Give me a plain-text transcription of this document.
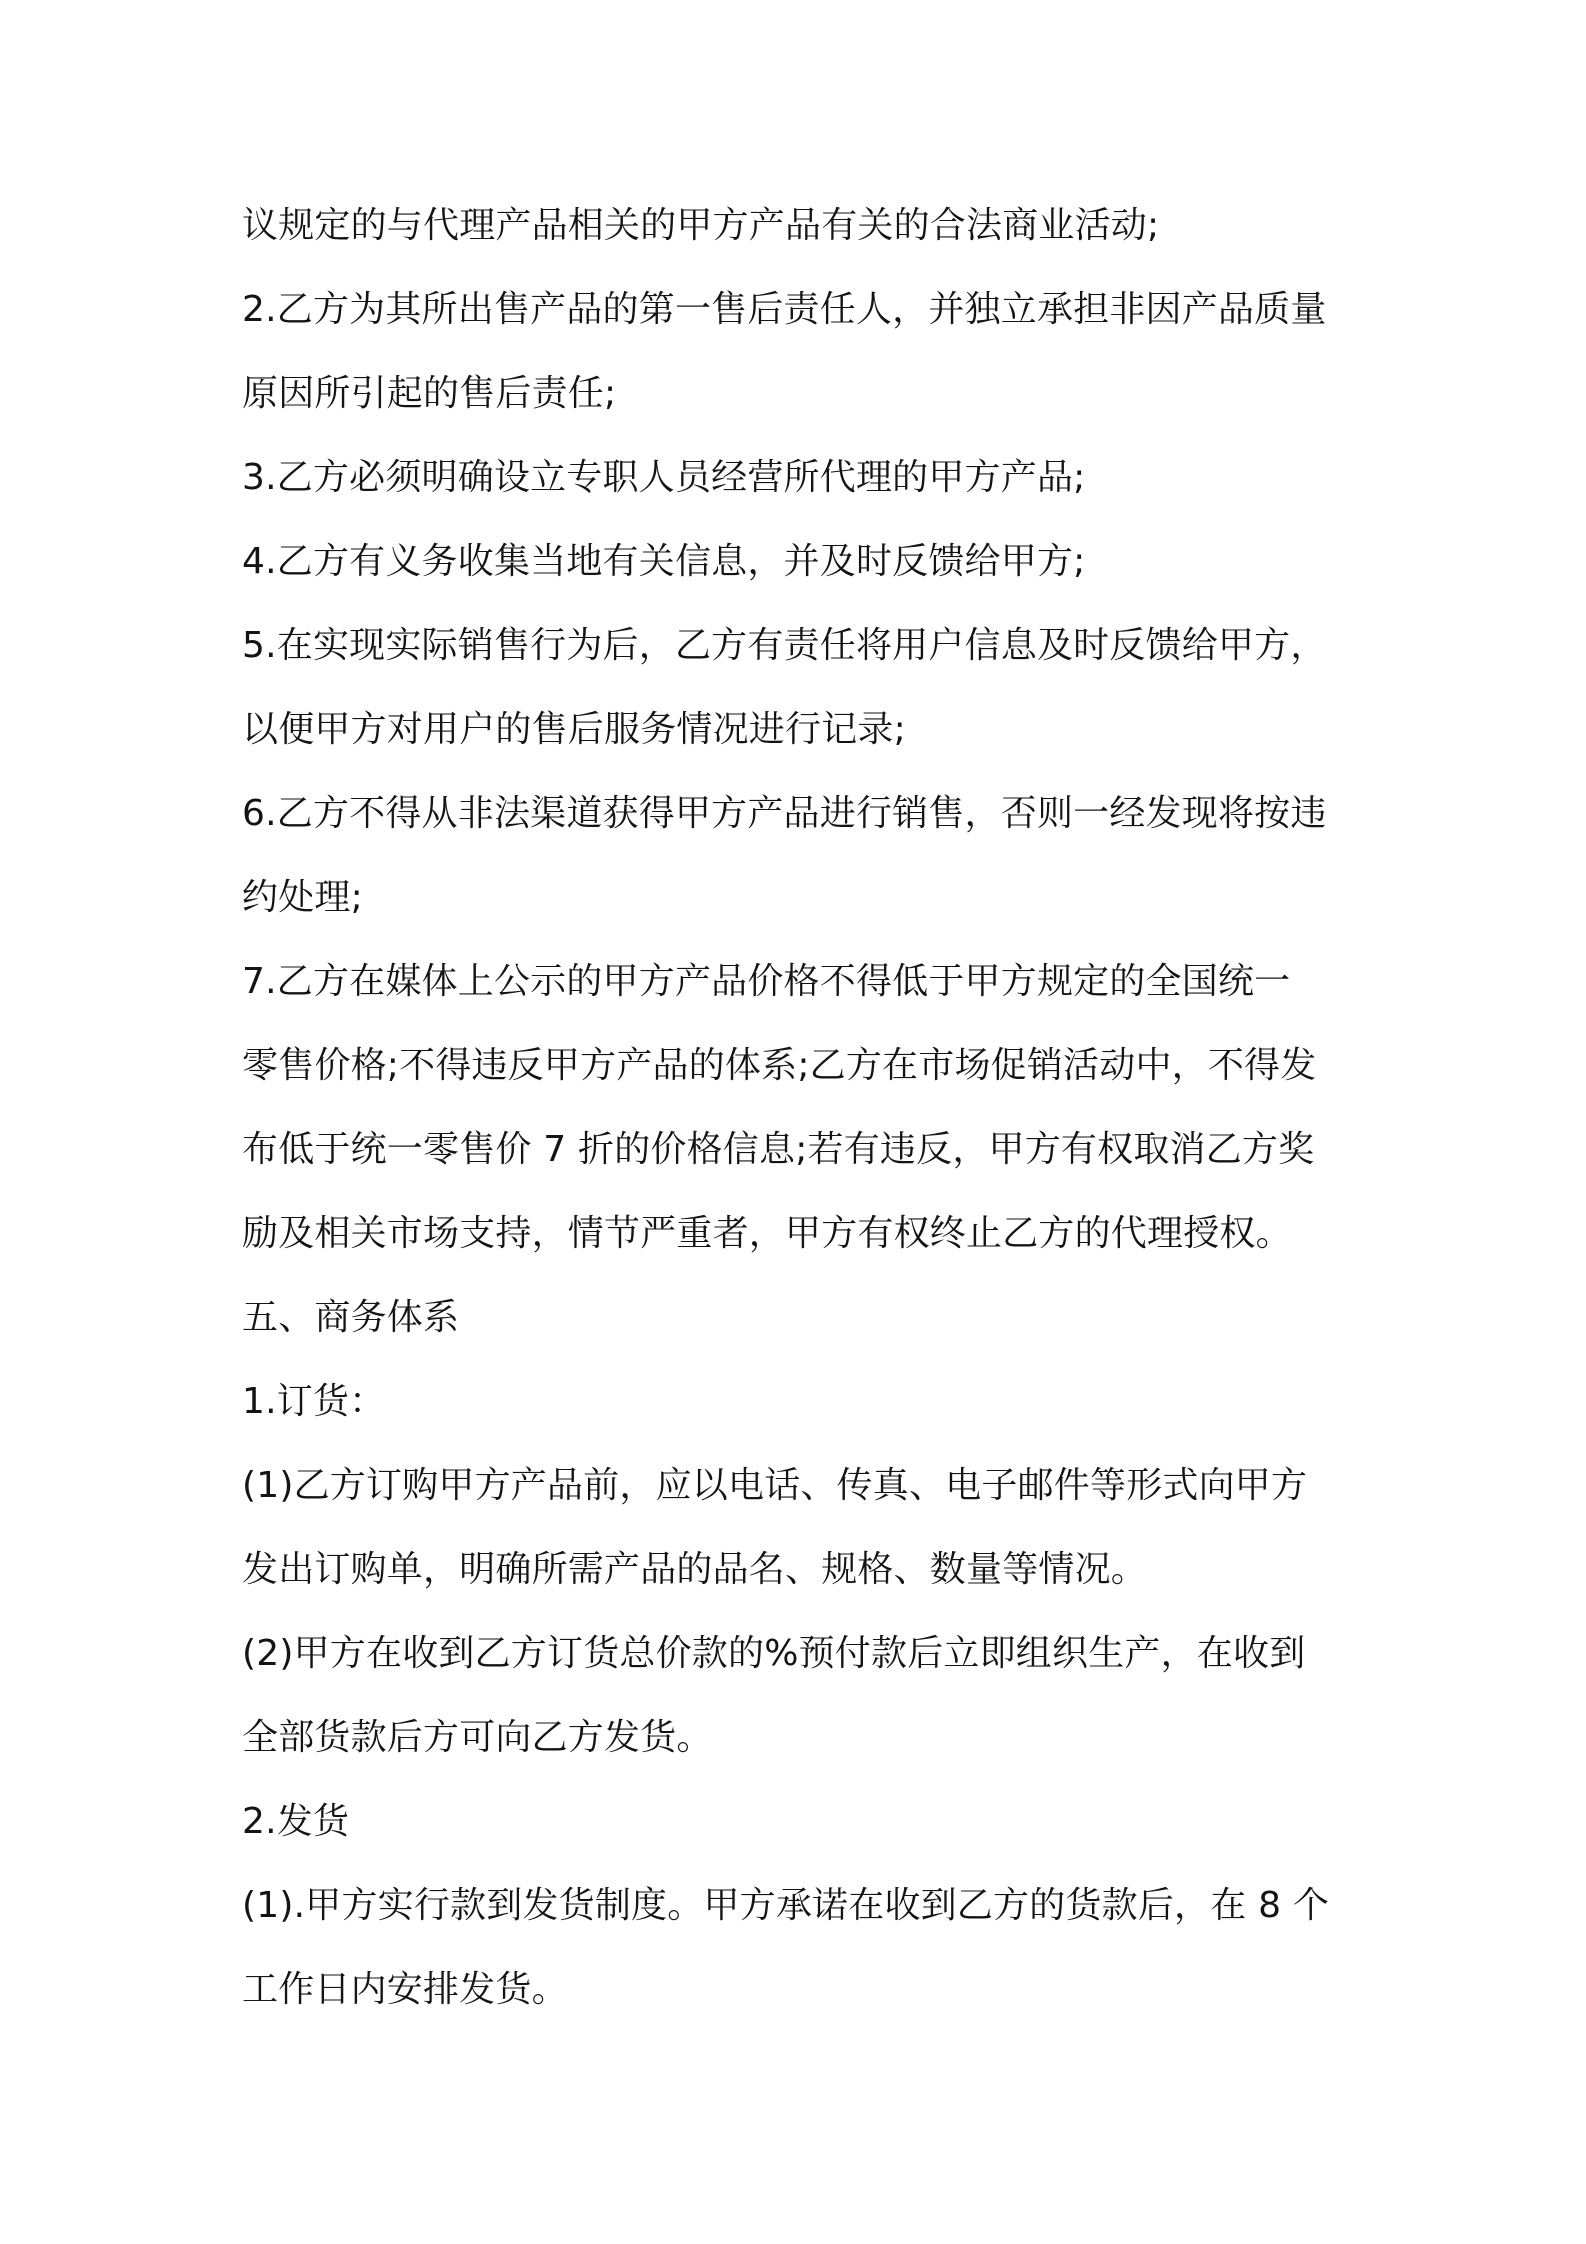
议规定的与代理产品相关的甲方产品有关的合法商业活动;
2.乙方为其所出售产品的第一售后责任人，并独立承担非因产品质量
原因所引起的售后责任;
3.乙方必须明确设立专职人员经营所代理的甲方产品;
4.乙方有义务收集当地有关信息，并及时反馈给甲方;
5.在实现实际销售行为后，乙方有责任将用户信息及时反馈给甲方，
以便甲方对用户的售后服务情况进行记录;
6.乙方不得从非法渠道获得甲方产品进行销售，否则一经发现将按违
约处理;
7.乙方在媒体上公示的甲方产品价格不得低于甲方规定的全国统一
零售价格;不得违反甲方产品的体系;乙方在市场促销活动中，不得发
布低于统一零售价 7 折的价格信息;若有违反，甲方有权取消乙方奖
励及相关市场支持，情节严重者，甲方有权终止乙方的代理授权。
五、商务体系
1.订货：
(1)乙方订购甲方产品前，应以电话、传真、电子邮件等形式向甲方
发出订购单，明确所需产品的品名、规格、数量等情况。
(2)甲方在收到乙方订货总价款的%预付款后立即组织生产，在收到
全部货款后方可向乙方发货。
2.发货
(1).甲方实行款到发货制度。甲方承诺在收到乙方的货款后，在 8 个
工作日内安排发货。
